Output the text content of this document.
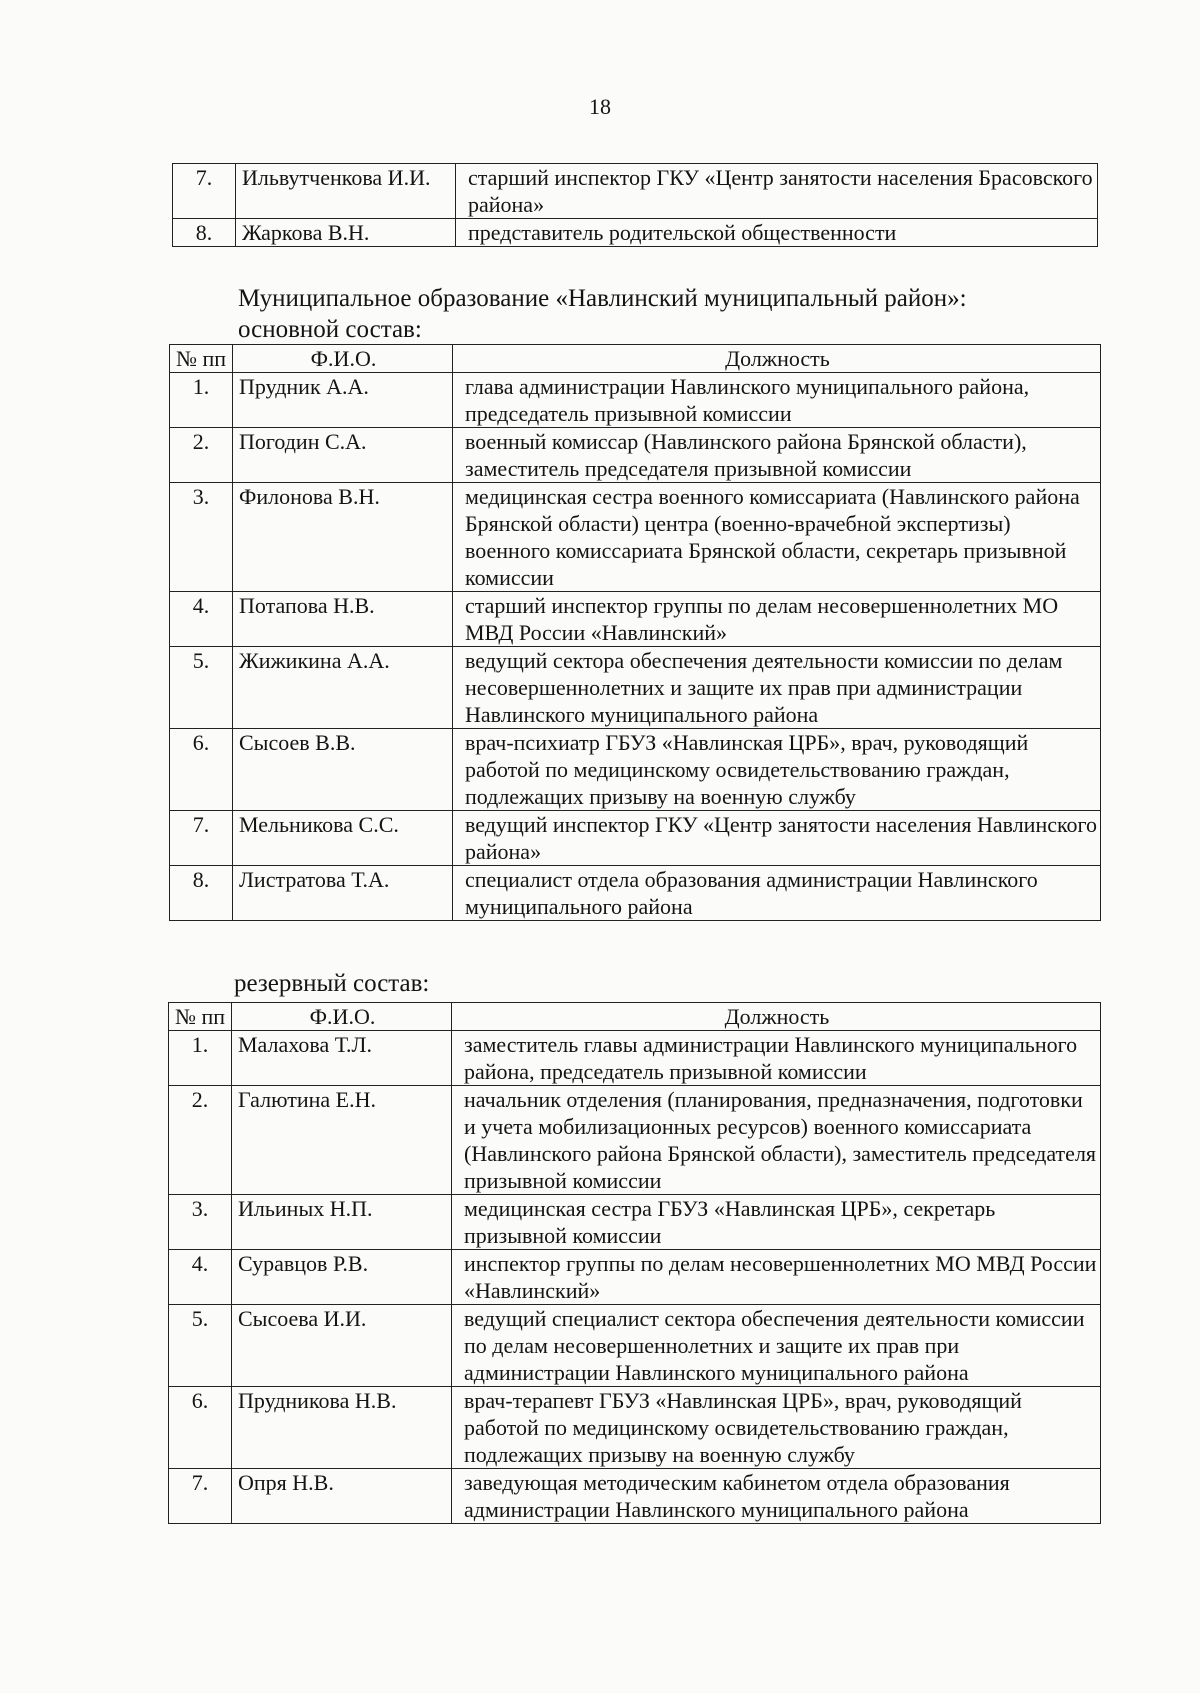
18
7.	Ильвутченкова И.И.	старший инспектор ГКУ «Центр занятости населения Брасовского района»
8.	Жаркова В.Н.	представитель родительской общественности
Муниципальное образование «Навлинский муниципальный район»:
основной состав:
№ пп	Ф.И.О.	Должность
1.	Прудник А.А.	глава администрации Навлинского муниципального района, председатель призывной комиссии
2.	Погодин С.А.	военный комиссар (Навлинского района Брянской области), заместитель председателя призывной комиссии
3.	Филонова В.Н.	медицинская сестра военного комиссариата (Навлинского района Брянской области) центра (военно-врачебной экспертизы) военного комиссариата Брянской области, секретарь призывной комиссии
4.	Потапова Н.В.	старший инспектор группы по делам несовершеннолетних МО МВД России «Навлинский»
5.	Жижикина А.А.	ведущий сектора обеспечения деятельности комиссии по делам несовершеннолетних и защите их прав при администрации Навлинского муниципального района
6.	Сысоев В.В.	врач-психиатр ГБУЗ «Навлинская ЦРБ», врач, руководящий работой по медицинскому освидетельствованию граждан, подлежащих призыву на военную службу
7.	Мельникова С.С.	ведущий инспектор ГКУ «Центр занятости населения Навлинского района»
8.	Листратова Т.А.	специалист отдела образования администрации Навлинского муниципального района
резервный состав:
№ пп	Ф.И.О.	Должность
1.	Малахова Т.Л.	заместитель главы администрации Навлинского муниципального района, председатель призывной комиссии
2.	Галютина Е.Н.	начальник отделения (планирования, предназначения, подготовки и учета мобилизационных ресурсов) военного комиссариата (Навлинского района Брянской области), заместитель председателя призывной комиссии
3.	Ильиных Н.П.	медицинская сестра ГБУЗ «Навлинская ЦРБ», секретарь призывной комиссии
4.	Суравцов Р.В.	инспектор группы по делам несовершеннолетних МО МВД России «Навлинский»
5.	Сысоева И.И.	ведущий специалист сектора обеспечения деятельности комиссии по делам несовершеннолетних и защите их прав при администрации Навлинского муниципального района
6.	Прудникова Н.В.	врач-терапевт ГБУЗ «Навлинская ЦРБ», врач, руководящий работой по медицинскому освидетельствованию граждан, подлежащих призыву на военную службу
7.	Опря Н.В.	заведующая методическим кабинетом отдела образования администрации Навлинского муниципального района
